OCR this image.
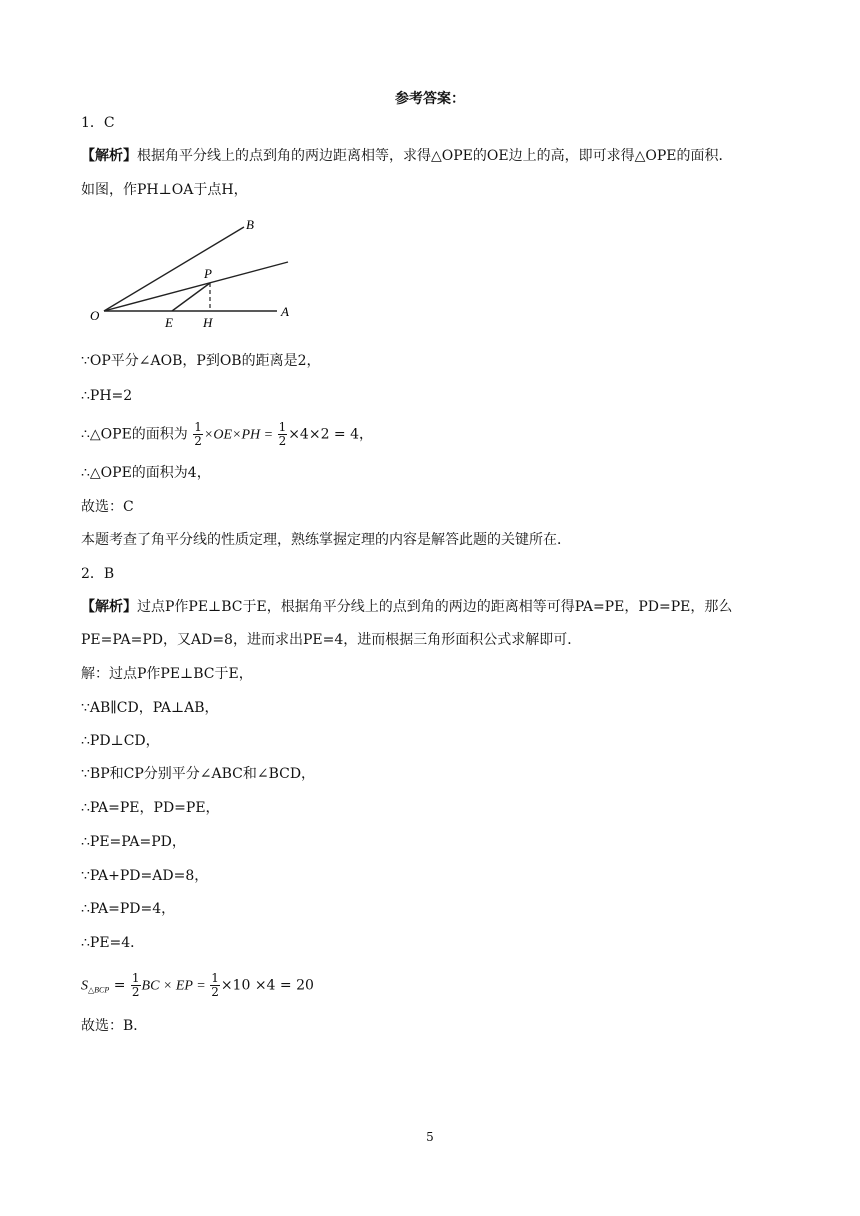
参考答案：
1．C
【解析】根据角平分线上的点到角的两边距离相等，求得△OPE的OE边上的高，即可求得△OPE的面积．
如图，作PH⊥OA于点H，
B
P
O	E H
A
∵OP平分∠AOB，P到OB的距离是2，
∴PH=2
∴△OPE的面积为 $\frac{1}{2} \times OE\times PH = \frac{1}{2} \times 4\times 2 = 4$，
∴△OPE的面积为4，
故选：C
本题考查了角平分线的性质定理，熟练掌握定理的内容是解答此题的关键所在．
2．B
【解析】过点P作PE⊥BC于E，根据角平分线上的点到角的两边的距离相等可得PA=PE，PD=PE，那么
PE=PA=PD，又AD=8，进而求出PE=4，进而根据三角形面积公式求解即可．
解：过点P作PE⊥BC于E，
∵AB∥CD，PA⊥AB，
∴PD⊥CD，
∵BP和CP分别平分∠ABC和∠BCD，
∴PA=PE，PD=PE，
∴PE=PA=PD，
∵PA+PD=AD=8，
∴PA=PD=4，
∴PE=4．
$S_{\triangle BCP} = \frac{1}{2}$ BC × EP = $\frac{1}{2} \times 10 \times 4 = 20$
故选：B．
5
